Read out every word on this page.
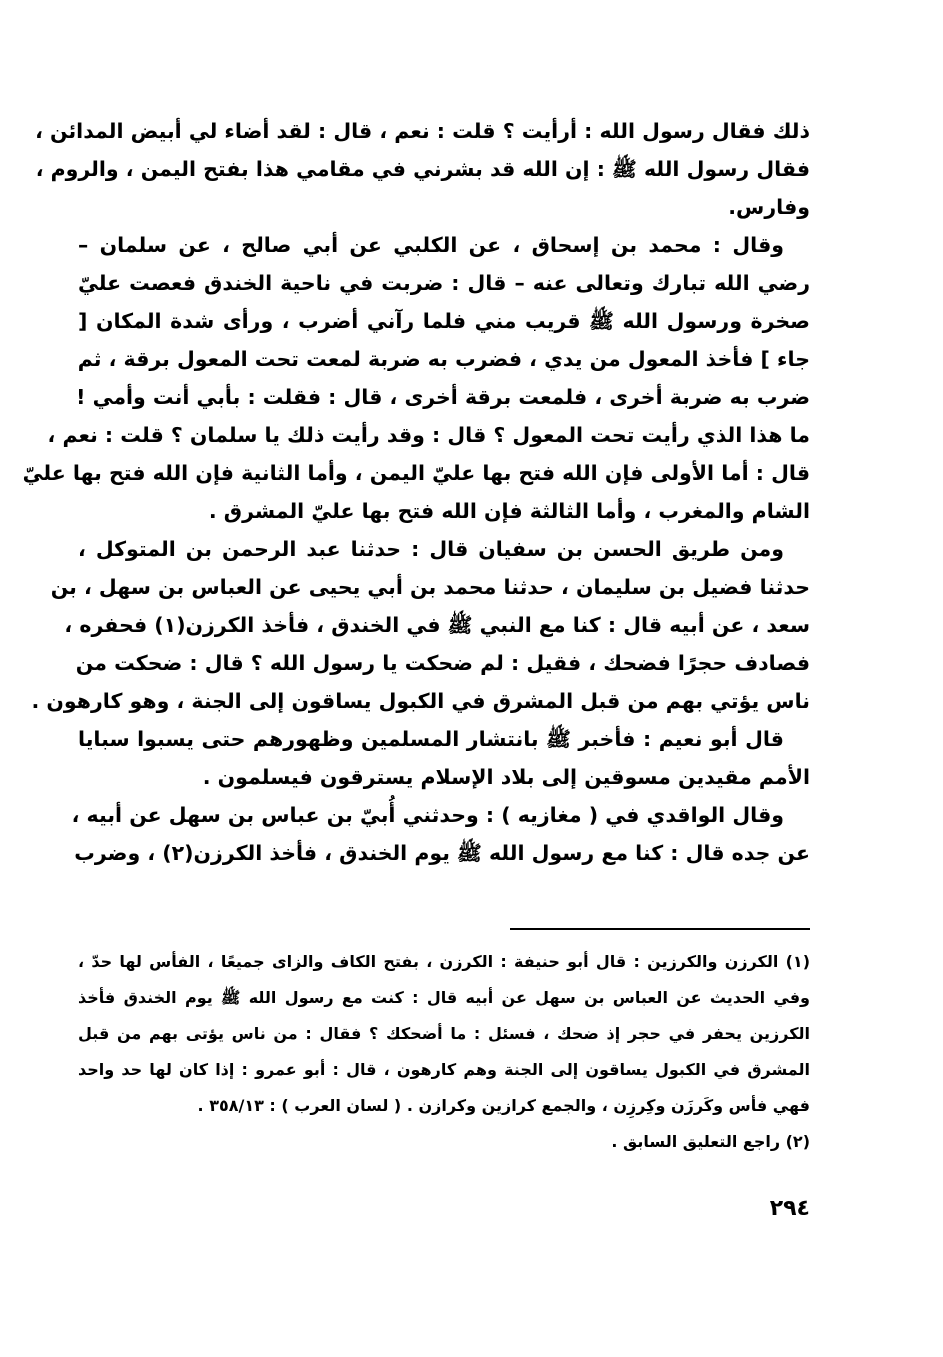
ذلك فقال رسول الله : أرأيت ؟ قلت : نعم ، قال : لقد أضاء لي أبيض المدائن ،
فقال رسول الله ﷺ : إن الله قد بشرني في مقامي هذا بفتح اليمن ، والروم ،
وفارس.
وقال : محمد بن إسحاق ، عن الكلبي عن أبي صالح ، عن سلمان –
رضي الله تبارك وتعالى عنه – قال : ضربت في ناحية الخندق فعصت عليّ
صخرة ورسول الله ﷺ قريب مني فلما رآني أضرب ، ورأى شدة المكان [
جاء ] فأخذ المعول من يدي ، فضرب به ضربة لمعت تحت المعول برقة ، ثم
ضرب به ضربة أخرى ، فلمعت برقة أخرى ، قال : فقلت : بأبي أنت وأمي !
ما هذا الذي رأيت تحت المعول ؟ قال : وقد رأيت ذلك يا سلمان ؟ قلت : نعم ،
قال : أما الأولى فإن الله فتح بها عليّ اليمن ، وأما الثانية فإن الله فتح بها عليّ
الشام والمغرب ، وأما الثالثة فإن الله فتح بها عليّ المشرق .
ومن طريق الحسن بن سفيان قال : حدثنا عبد الرحمن بن المتوكل ،
حدثنا فضيل بن سليمان ، حدثنا محمد بن أبي يحيى عن العباس بن سهل ، بن
سعد ، عن أبيه قال : كنا مع النبي ﷺ في الخندق ، فأخذ الكرزن(١) فحفره ،
فصادف حجرًا فضحك ، فقيل : لم ضحكت يا رسول الله ؟ قال : ضحكت من
ناس يؤتي بهم من قبل المشرق في الكبول يساقون إلى الجنة ، وهو كارهون .
قال أبو نعيم : فأخبر ﷺ بانتشار المسلمين وظهورهم حتى يسبوا سبايا
الأمم مقيدين مسوقين إلى بلاد الإسلام يسترقون فيسلمون .
وقال الواقدي في ( مغازيه ) : وحدثني أُبيّ بن عباس بن سهل عن أبيه ،
عن جده قال : كنا مع رسول الله ﷺ يوم الخندق ، فأخذ الكرزن(٢) ، وضرب
(١) الكرزن والكرزين : قال أبو حنيفة : الكرزن ، بفتح الكاف والزاى جميعًا ، الفأس لها حدّ ،
وفي الحديث عن العباس بن سهل عن أبيه قال : كنت مع رسول الله ﷺ يوم الخندق فأخذ
الكرزين يحفر في حجر إذ ضحك ، فسئل : ما أضحكك ؟ فقال : من ناس يؤتى بهم من قبل
المشرق في الكبول يساقون إلى الجنة وهم كارهون ، قال : أبو عمرو : إذا كان لها حد واحد
فهي فأس وكَرزَن وكِرزِن ، والجمع كرازين وكرازن . ( لسان العرب ) : ٣٥٨/١٣ .
(٢) راجع التعليق السابق .
٢٩٤
